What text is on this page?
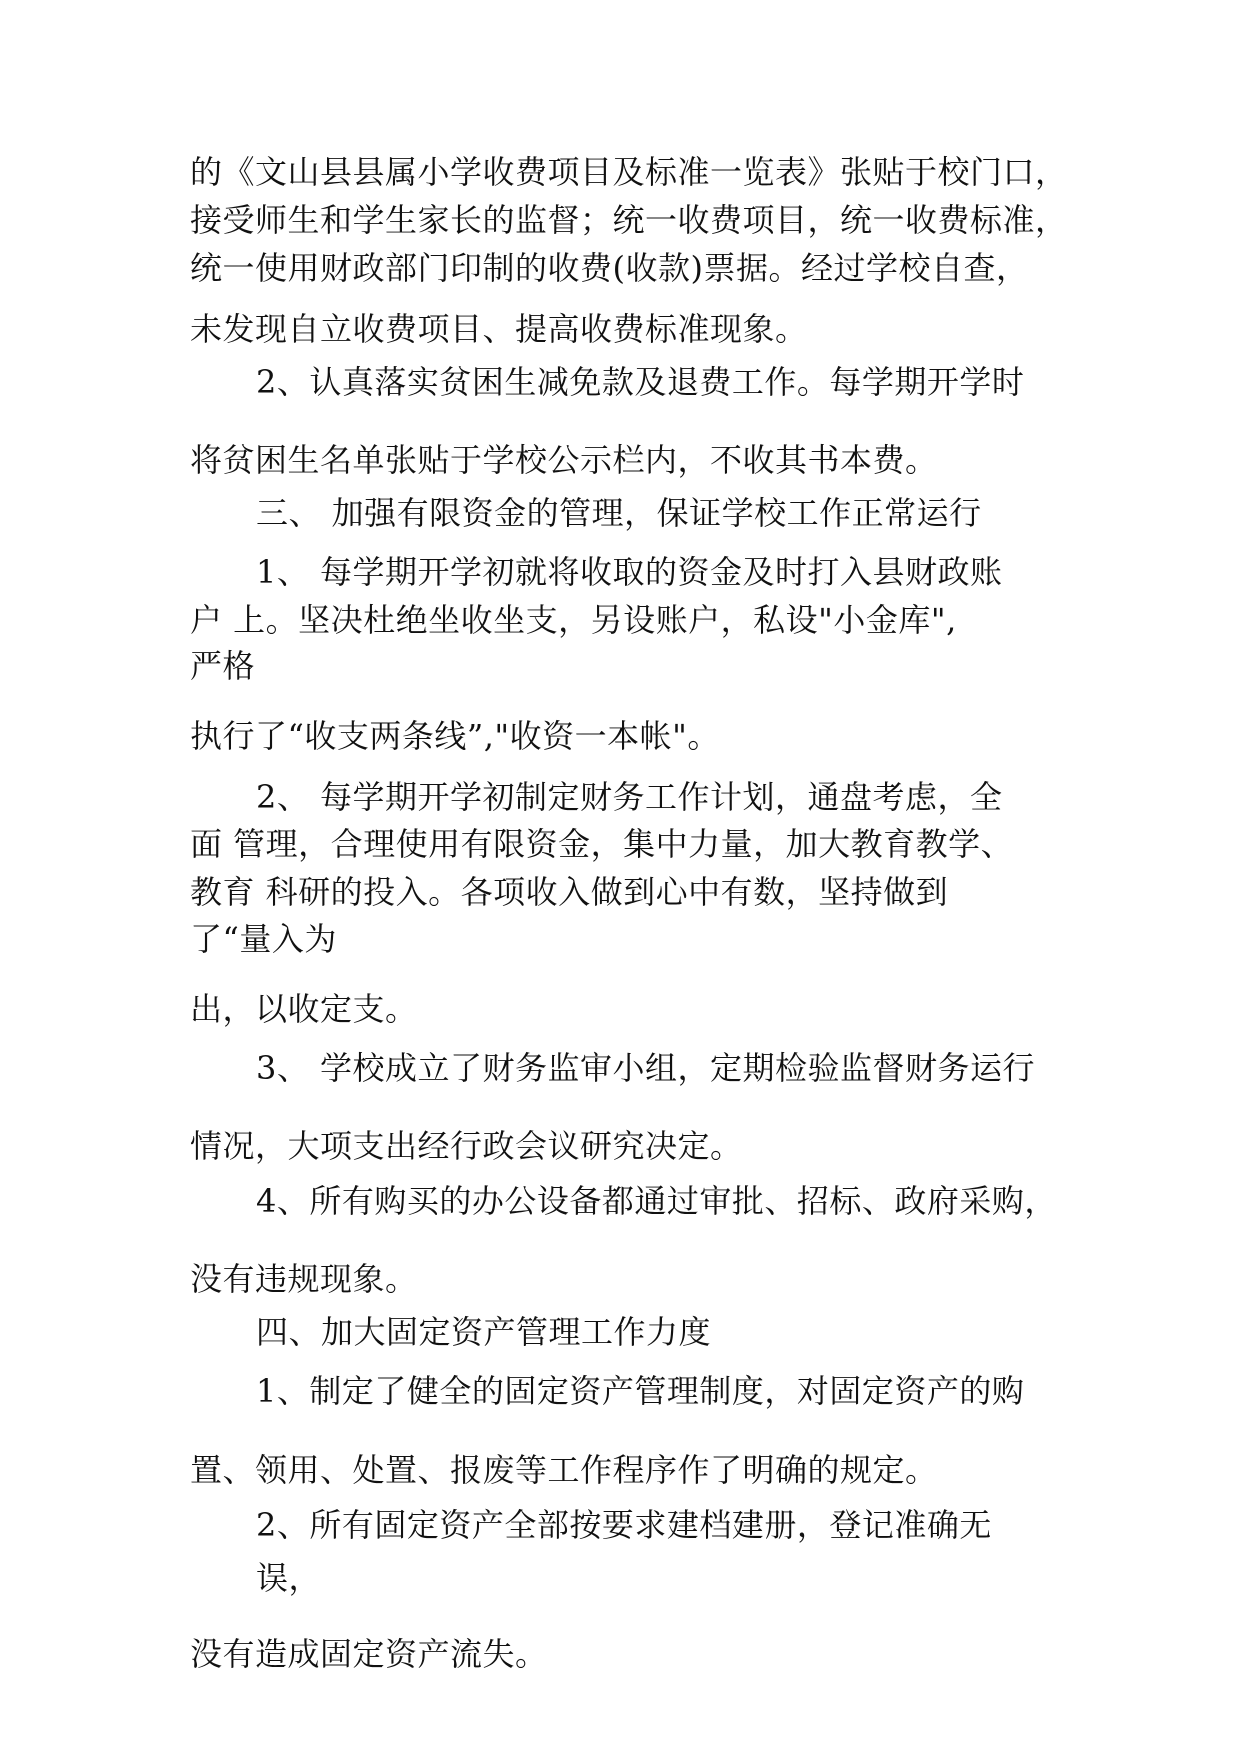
的《文山县县属小学收费项目及标准一览表》张贴于校门口，
接受师生和学生家长的监督；统一收费项目，统一收费标准，
统一使用财政部门印制的收费(收款)票据。经过学校自查，
未发现自立收费项目、提高收费标准现象。
2、认真落实贫困生减免款及退费工作。每学期开学时
将贫困生名单张贴于学校公示栏内，不收其书本费。
三、 加强有限资金的管理，保证学校工作正常运行
1、 每学期开学初就将收取的资金及时打入县财政账
户 上。坚决杜绝坐收坐支，另设账户，私设"小金库",
严格
执行了“收支两条线”,"收资一本帐"。
2、 每学期开学初制定财务工作计划，通盘考虑，全
面 管理，合理使用有限资金，集中力量，加大教育教学、
教育 科研的投入。各项收入做到心中有数，坚持做到
了“量入为
出，以收定支。
3、 学校成立了财务监审小组，定期检验监督财务运行
情况，大项支出经行政会议研究决定。
4、所有购买的办公设备都通过审批、招标、政府采购，
没有违规现象。
四、加大固定资产管理工作力度
1、制定了健全的固定资产管理制度，对固定资产的购
置、领用、处置、报废等工作程序作了明确的规定。
2、所有固定资产全部按要求建档建册，登记准确无
误，
没有造成固定资产流失。
